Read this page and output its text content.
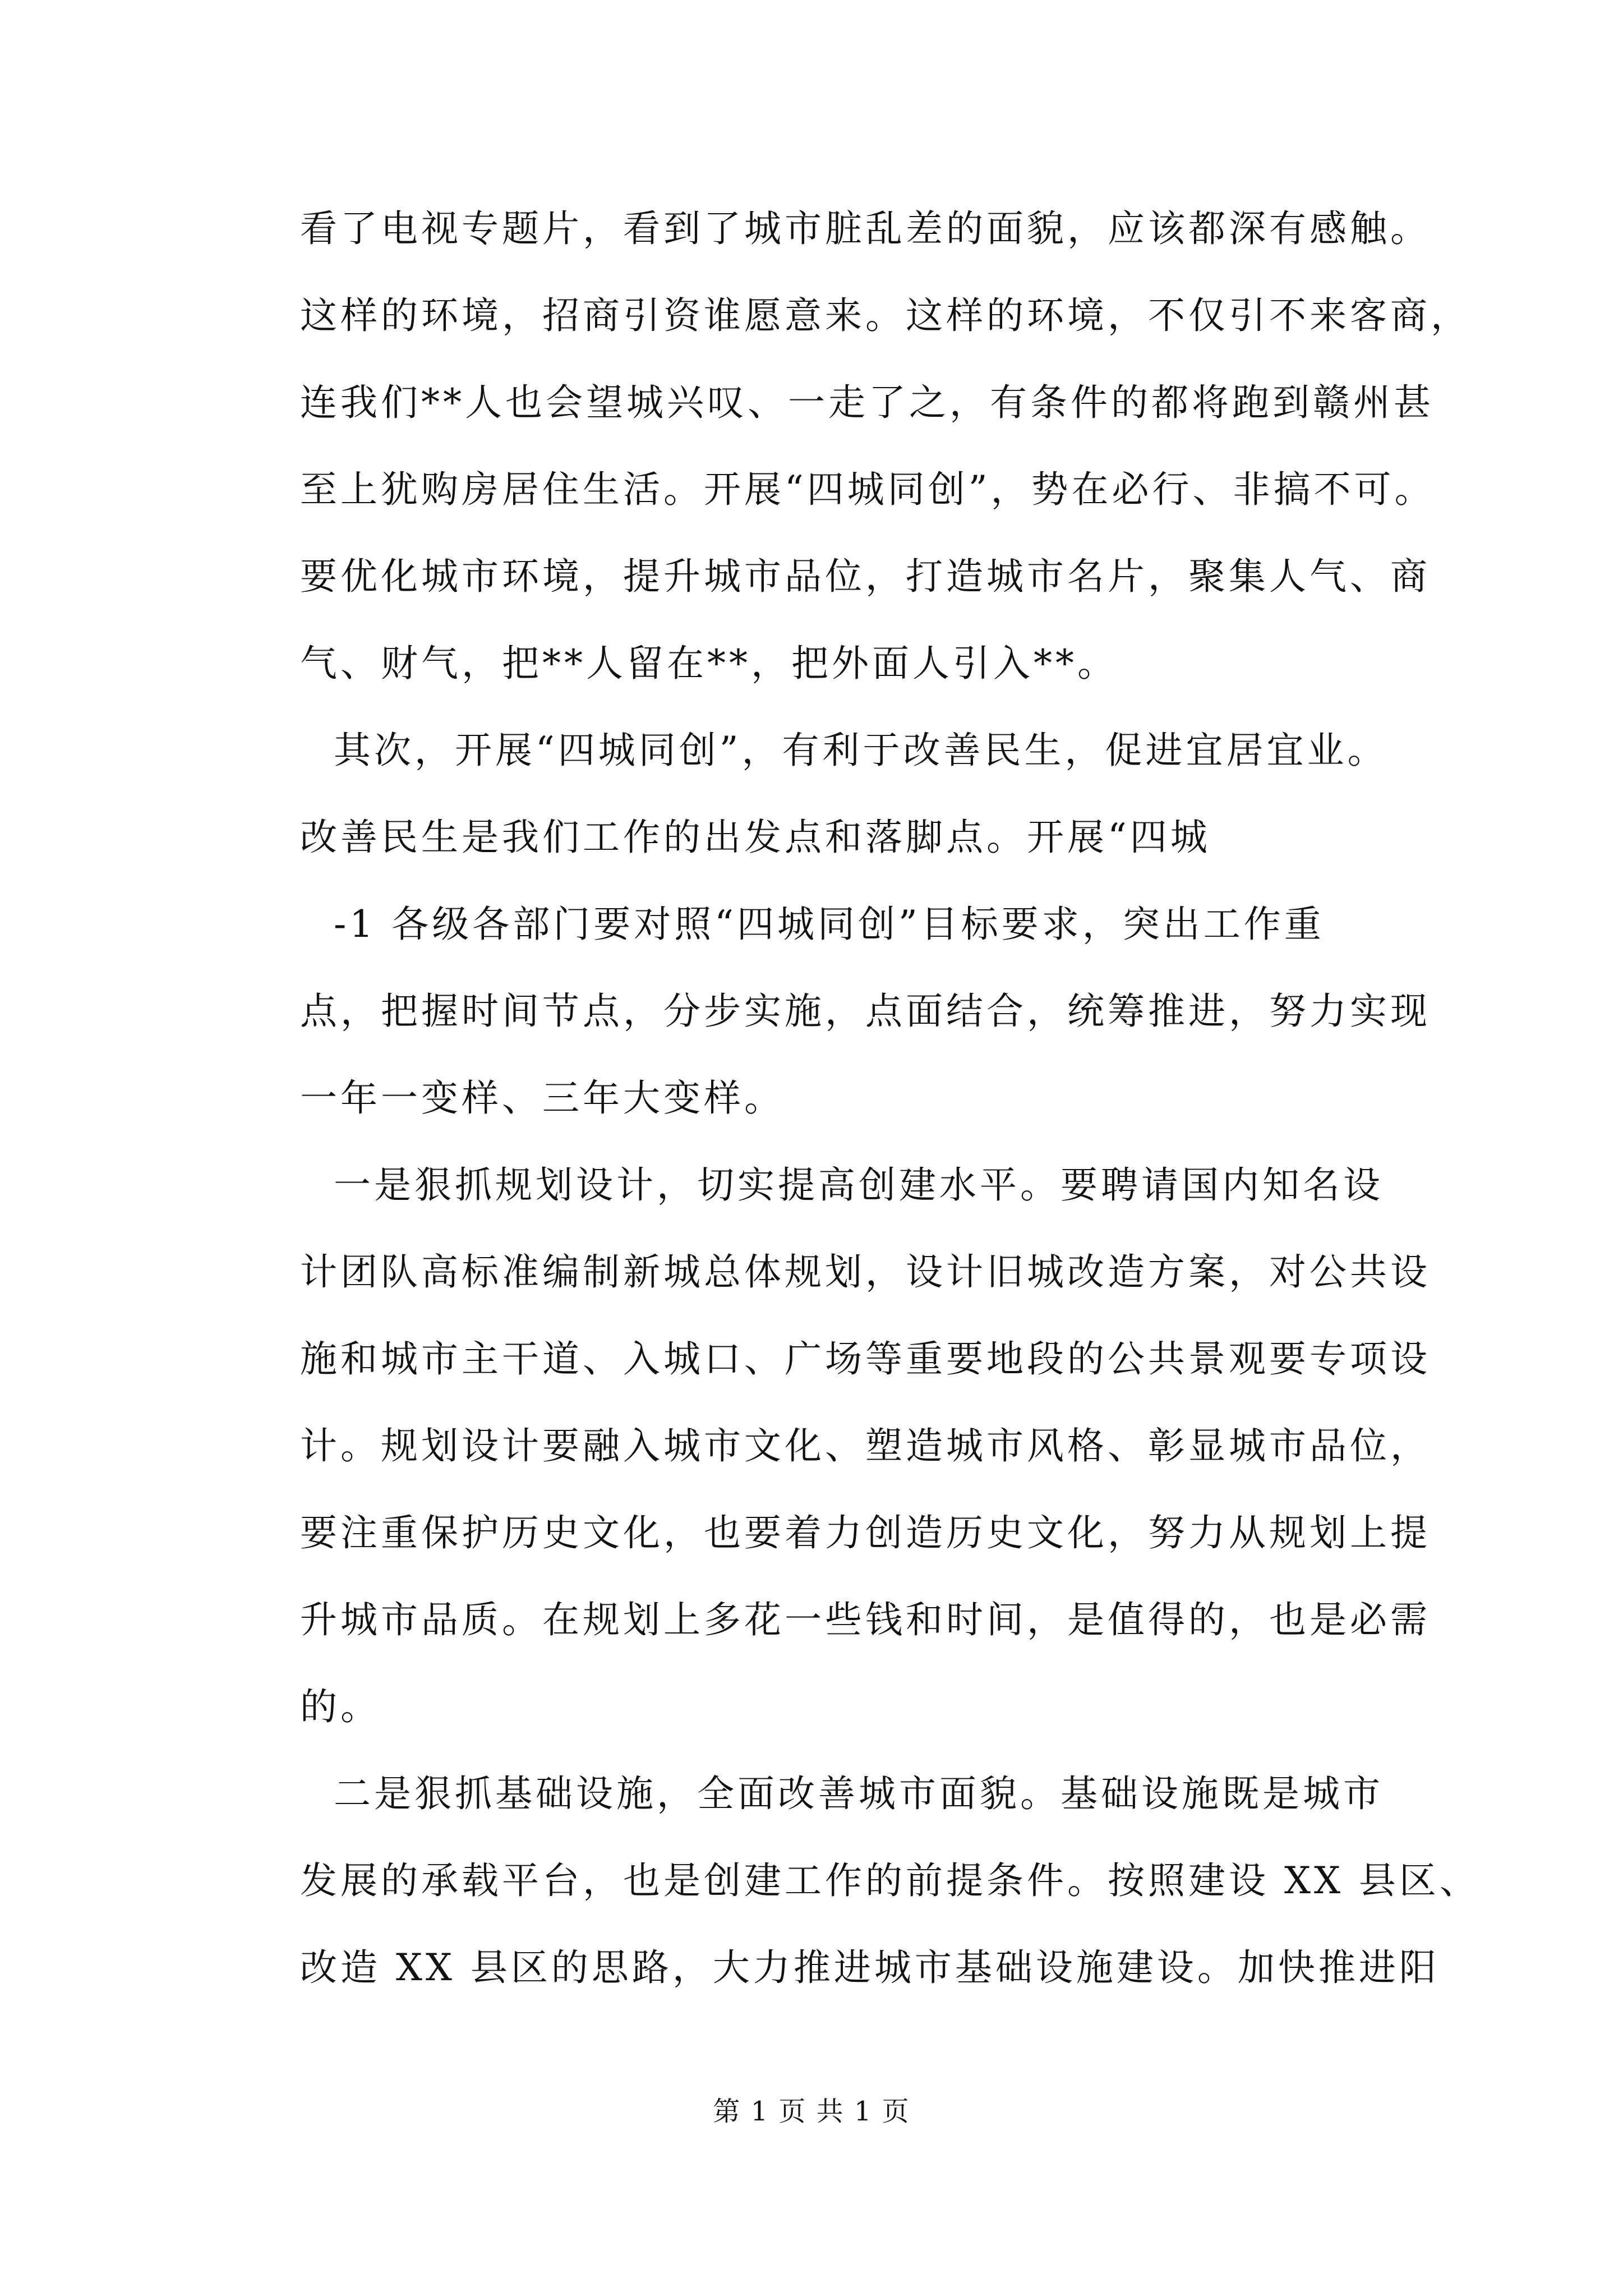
看了电视专题片，看到了城市脏乱差的面貌，应该都深有感触。
这样的环境，招商引资谁愿意来。这样的环境，不仅引不来客商，
连我们**人也会望城兴叹、一走了之，有条件的都将跑到赣州甚
至上犹购房居住生活。开展“四城同创”，势在必行、非搞不可。
要优化城市环境，提升城市品位，打造城市名片，聚集人气、商
气、财气，把**人留在**，把外面人引入**。
其次，开展“四城同创”，有利于改善民生，促进宜居宜业。
改善民生是我们工作的出发点和落脚点。开展“四城
-1 各级各部门要对照“四城同创”目标要求，突出工作重
点，把握时间节点，分步实施，点面结合，统筹推进，努力实现
一年一变样、三年大变样。
一是狠抓规划设计，切实提高创建水平。要聘请国内知名设
计团队高标准编制新城总体规划，设计旧城改造方案，对公共设
施和城市主干道、入城口、广场等重要地段的公共景观要专项设
计。规划设计要融入城市文化、塑造城市风格、彰显城市品位，
要注重保护历史文化，也要着力创造历史文化，努力从规划上提
升城市品质。在规划上多花一些钱和时间，是值得的，也是必需
的。
二是狠抓基础设施，全面改善城市面貌。基础设施既是城市
发展的承载平台，也是创建工作的前提条件。按照建设 XX 县区、
改造 XX 县区的思路，大力推进城市基础设施建设。加快推进阳
第 1 页 共 1 页
